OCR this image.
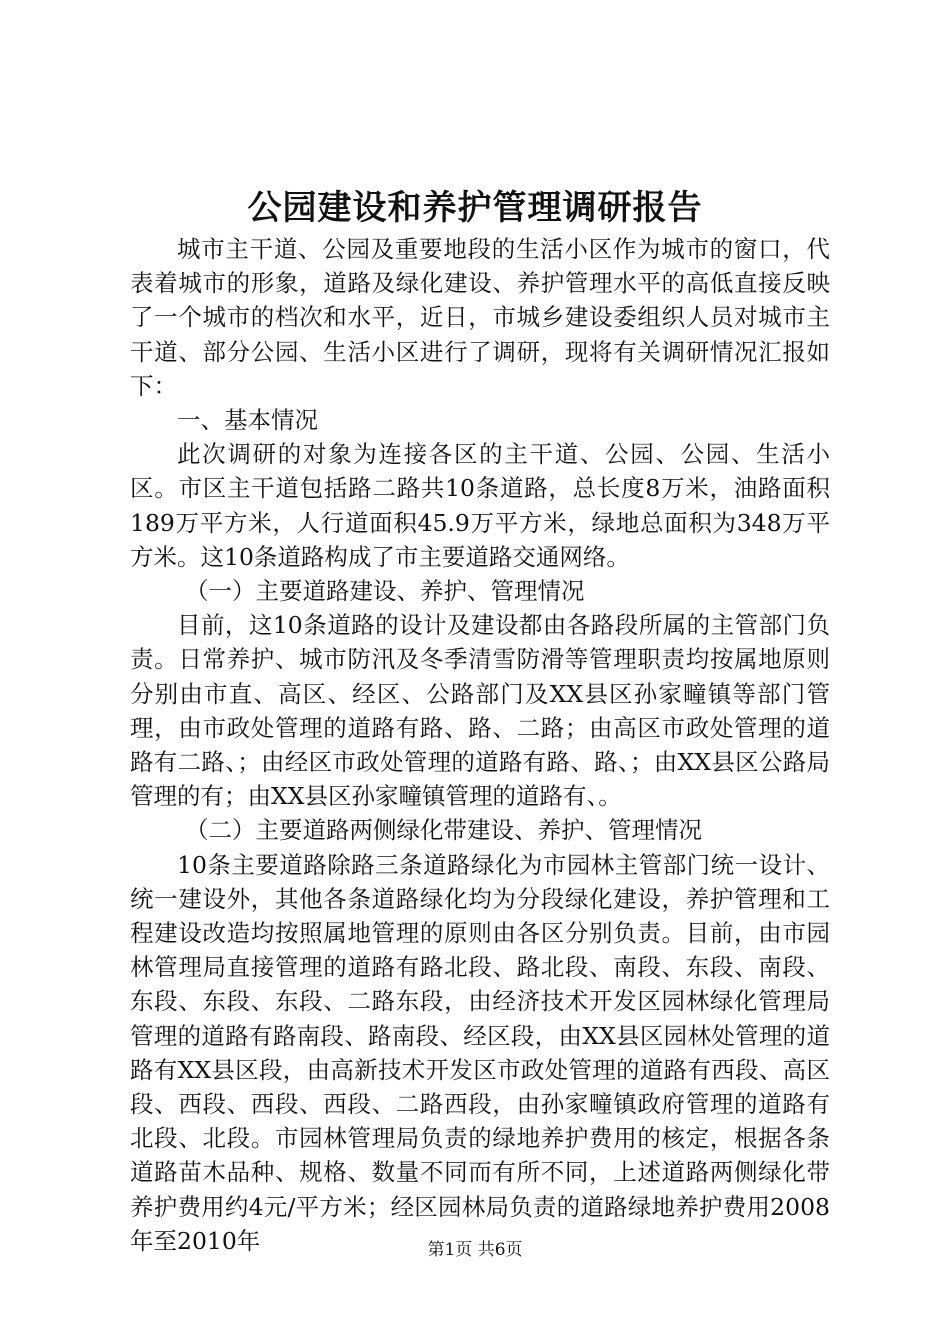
公园建设和养护管理调研报告

城市主干道、公园及重要地段的生活小区作为城市的窗口，代表着城市的形象，道路及绿化建设、养护管理水平的高低直接反映了一个城市的档次和水平，近日，市城乡建设委组织人员对城市主干道、部分公园、生活小区进行了调研，现将有关调研情况汇报如下：

一、基本情况

此次调研的对象为连接各区的主干道、公园、公园、生活小区。市区主干道包括路二路共10条道路，总长度8万米，油路面积189万平方米，人行道面积45.9万平方米，绿地总面积为348万平方米。这10条道路构成了市主要道路交通网络。

（一）主要道路建设、养护、管理情况

目前，这10条道路的设计及建设都由各路段所属的主管部门负责。日常养护、城市防汛及冬季清雪防滑等管理职责均按属地原则分别由市直、高区、经区、公路部门及XX县区孙家疃镇等部门管理，由市政处管理的道路有路、路、二路；由高区市政处管理的道路有二路、；由经区市政处管理的道路有路、路、；由XX县区公路局管理的有；由XX县区孙家疃镇管理的道路有、。

（二）主要道路两侧绿化带建设、养护、管理情况

10条主要道路除路三条道路绿化为市园林主管部门统一设计、统一建设外，其他各条道路绿化均为分段绿化建设，养护管理和工程建设改造均按照属地管理的原则由各区分别负责。目前，由市园林管理局直接管理的道路有路北段、路北段、南段、东段、南段、东段、东段、东段、二路东段，由经济技术开发区园林绿化管理局管理的道路有路南段、路南段、经区段，由XX县区园林处管理的道路有XX县区段，由高新技术开发区市政处管理的道路有西段、高区段、西段、西段、西段、二路西段，由孙家疃镇政府管理的道路有北段、北段。市园林管理局负责的绿地养护费用的核定，根据各条道路苗木品种、规格、数量不同而有所不同，上述道路两侧绿化带养护费用约4元/平方米；经区园林局负责的道路绿地养护费用2008年至2010年	第1页 共6页
